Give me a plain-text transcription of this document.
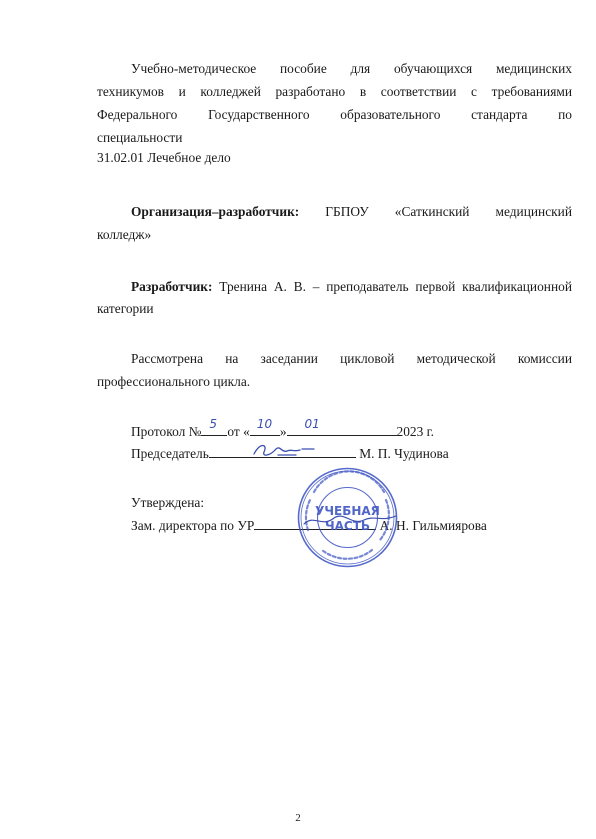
Учебно-методическое пособие для обучающихся медицинских
техникумов и колледжей разработано в соответствии с требованиями
Федерального Государственного образовательного стандарта по
специальности
31.02.01 Лечебное дело
Организация–разработчик: ГБПОУ «Саткинский медицинский
колледж»
Разработчик: Тренина А. В. – преподаватель первой квалификационной
категории
Рассмотрена на заседании цикловой методической комиссии
профессионального цикла.
Протокол № 5 от « 10 » 01	2023 г.
Председатель	М. П. Чудинова
Утверждена:
Зам. директора по УР	А. Н. Гильмиярова
УЧЕБНАЯ
ЧАСТЬ
2
